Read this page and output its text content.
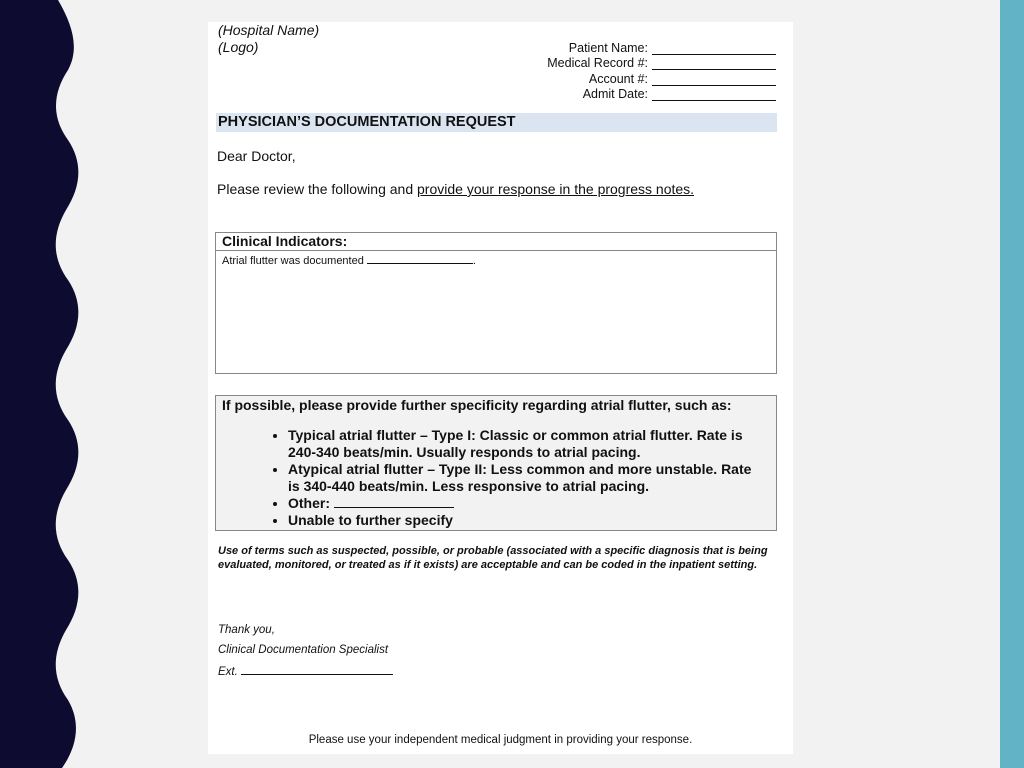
(Hospital Name)
(Logo)	Patient Name:
Medical Record #:
Account #:
Admit Date:
PHYSICIAN’S DOCUMENTATION REQUEST
Dear Doctor,
Please review the following and provide your response in the progress notes.
Clinical Indicators:
Atrial flutter was documented	.
If possible, please provide further specificity regarding atrial flutter, such as:
• Typical atrial flutter – Type I: Classic or common atrial flutter. Rate is 240-340 beats/min. Usually responds to atrial pacing.
• Atypical atrial flutter – Type II: Less common and more unstable. Rate is 340-440 beats/min. Less responsive to atrial pacing.
• Other:
• Unable to further specify
Use of terms such as suspected, possible, or probable (associated with a specific diagnosis that is being evaluated, monitored, or treated as if it exists) are acceptable and can be coded in the inpatient setting.
Thank you,
Clinical Documentation Specialist
Ext.
Please use your independent medical judgment in providing your response.
